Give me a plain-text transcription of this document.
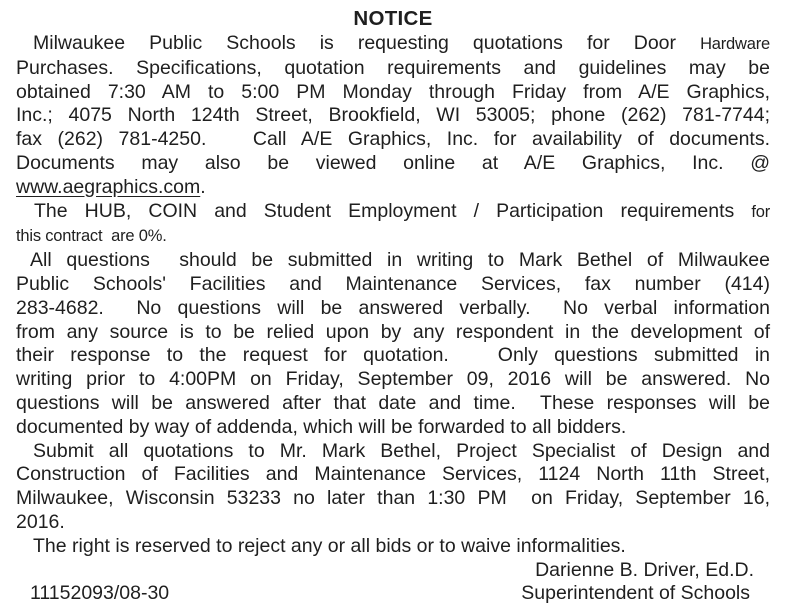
NOTICE
Milwaukee Public Schools is requesting quotations for Door Hardware
Purchases. Specifications, quotation requirements and guidelines may be
obtained 7:30 AM to 5:00 PM Monday through Friday from A/E Graphics,
Inc.; 4075 North 124th Street, Brookfield, WI 53005; phone (262) 781-7744;
fax (262) 781-4250.   Call A/E Graphics, Inc. for availability of documents.
Documents may also be viewed online at A/E Graphics, Inc. @
www.aegraphics.com.
The HUB, COIN and Student Employment / Participation requirements for
this contract  are 0%.
All questions  should be submitted in writing to Mark Bethel of Milwaukee
Public Schools' Facilities and Maintenance Services, fax number (414)
283-4682.  No questions will be answered verbally.  No verbal information
from any source is to be relied upon by any respondent in the development of
their response to the request for quotation.   Only questions submitted in
writing prior to 4:00PM on Friday, September 09, 2016 will be answered. No
questions will be answered after that date and time.  These responses will be
documented by way of addenda, which will be forwarded to all bidders.
Submit all quotations to Mr. Mark Bethel, Project Specialist of Design and
Construction of Facilities and Maintenance Services, 1124 North 11th Street,
Milwaukee, Wisconsin 53233 no later than 1:30 PM  on Friday, September 16,
2016.
The right is reserved to reject any or all bids or to waive informalities.
Darienne B. Driver, Ed.D.
11152093/08-30	Superintendent of Schools
